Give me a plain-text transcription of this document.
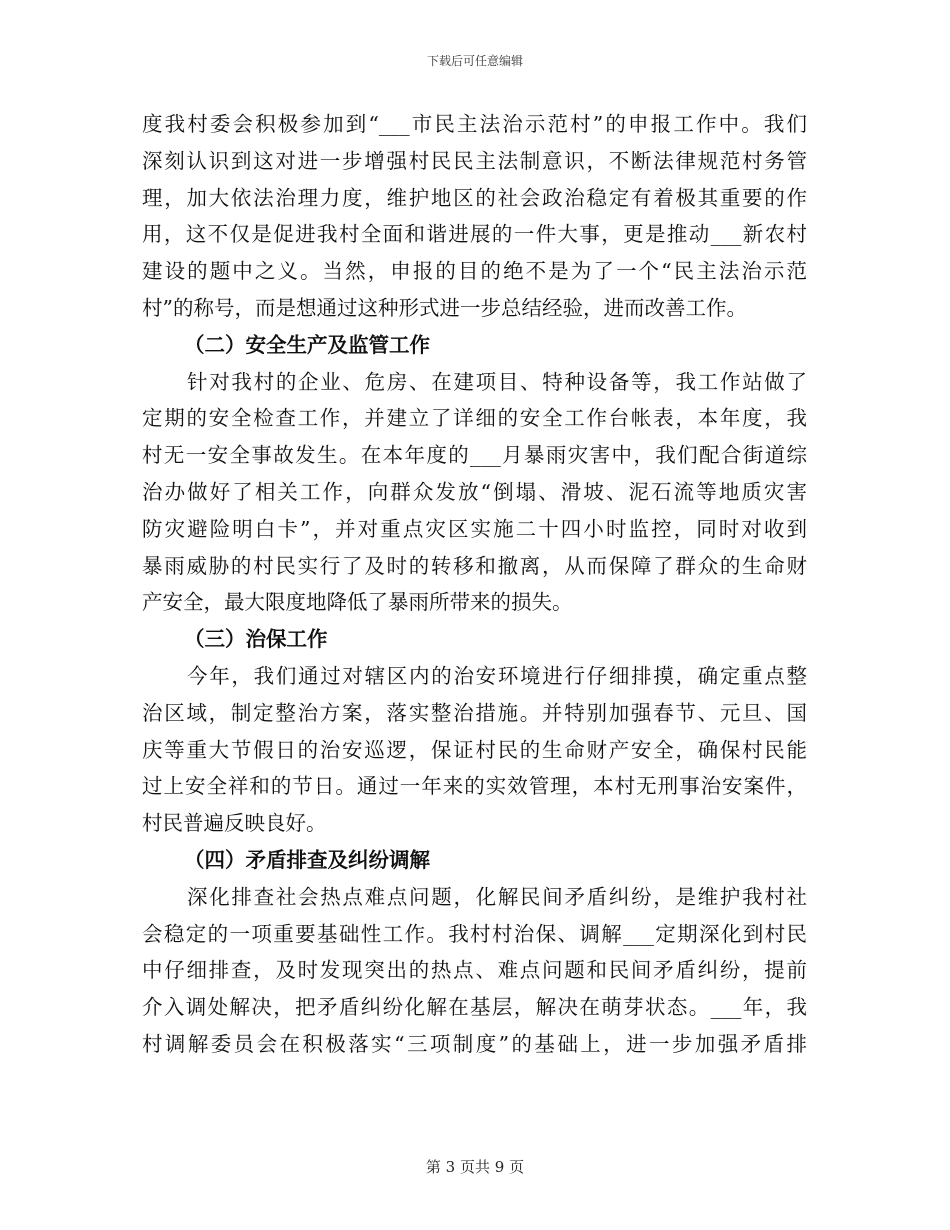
下载后可任意编辑
度我村委会积极参加到“___市民主法治示范村”的申报工作中。我们
深刻认识到这对进一步增强村民民主法制意识，不断法律规范村务管
理，加大依法治理力度，维护地区的社会政治稳定有着极其重要的作
用，这不仅是促进我村全面和谐进展的一件大事，更是推动___新农村
建设的题中之义。当然，申报的目的绝不是为了一个“民主法治示范
村”的称号，而是想通过这种形式进一步总结经验，进而改善工作。
（二）安全生产及监管工作
针对我村的企业、危房、在建项目、特种设备等，我工作站做了
定期的安全检查工作，并建立了详细的安全工作台帐表，本年度，我
村无一安全事故发生。在本年度的___月暴雨灾害中，我们配合街道综
治办做好了相关工作，向群众发放“倒塌、滑坡、泥石流等地质灾害
防灾避险明白卡”，并对重点灾区实施二十四小时监控，同时对收到
暴雨威胁的村民实行了及时的转移和撤离，从而保障了群众的生命财
产安全，最大限度地降低了暴雨所带来的损失。
（三）治保工作
今年，我们通过对辖区内的治安环境进行仔细排摸，确定重点整
治区域，制定整治方案，落实整治措施。并特别加强春节、元旦、国
庆等重大节假日的治安巡逻，保证村民的生命财产安全，确保村民能
过上安全祥和的节日。通过一年来的实效管理，本村无刑事治安案件，
村民普遍反映良好。
（四）矛盾排查及纠纷调解
深化排查社会热点难点问题，化解民间矛盾纠纷，是维护我村社
会稳定的一项重要基础性工作。我村村治保、调解___定期深化到村民
中仔细排查，及时发现突出的热点、难点问题和民间矛盾纠纷，提前
介入调处解决，把矛盾纠纷化解在基层，解决在萌芽状态。___年，我
村调解委员会在积极落实“三项制度”的基础上，进一步加强矛盾排
第 3 页共 9 页
